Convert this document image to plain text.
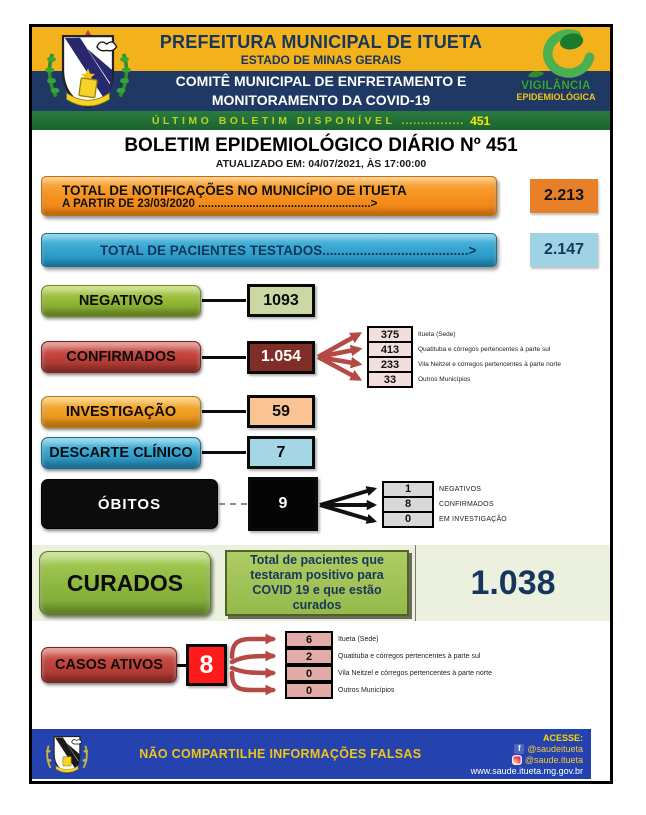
PREFEITURA MUNICIPAL DE ITUETA
ESTADO DE MINAS GERAIS
COMITÊ MUNICIPAL DE ENFRETAMENTO E
MONITORAMENTO DA COVID-19
ÚLTIMO BOLETIM DISPONÍVEL ................ 451
VIGILÂNCIA
EPIDEMIOLÓGICA
BOLETIM EPIDEMIOLÓGICO DIÁRIO Nº 451
ATUALIZADO EM: 04/07/2021, ÀS 17:00:00
TOTAL DE NOTIFICAÇÕES NO MUNICÍPIO DE ITUETA
A PARTIR DE 23/03/2020 ......................................................>	2.213
TOTAL DE PACIENTES TESTADOS.......................................>	2.147
NEGATIVOS	1093
CONFIRMADOS	1.054
375	Itueta (Sede)
413	Quatituba e córregos pertencentes à parte sul
233	Vila Neitzel e córregos pertencentes à parte norte
33	Outros Municípios
INVESTIGAÇÃO	59
DESCARTE CLÍNICO	7
ÓBITOS	9
1	NEGATIVOS
8	CONFIRMADOS
0	EM INVESTIGAÇÃO
CURADOS
Total de pacientes que testaram positivo para COVID 19 e que estão curados
1.038
CASOS ATIVOS	8
6	Itueta (Sede)
2	Quatituba e córregos pertencentes à parte sul
0	Vila Neitzel e córregos pertencentes à parte norte
0	Outros Municípios
NÃO COMPARTILHE INFORMAÇÕES FALSAS
ACESSE:
f @saudeitueta
@saude.itueta
www.saude.itueta.mg.gov.br
